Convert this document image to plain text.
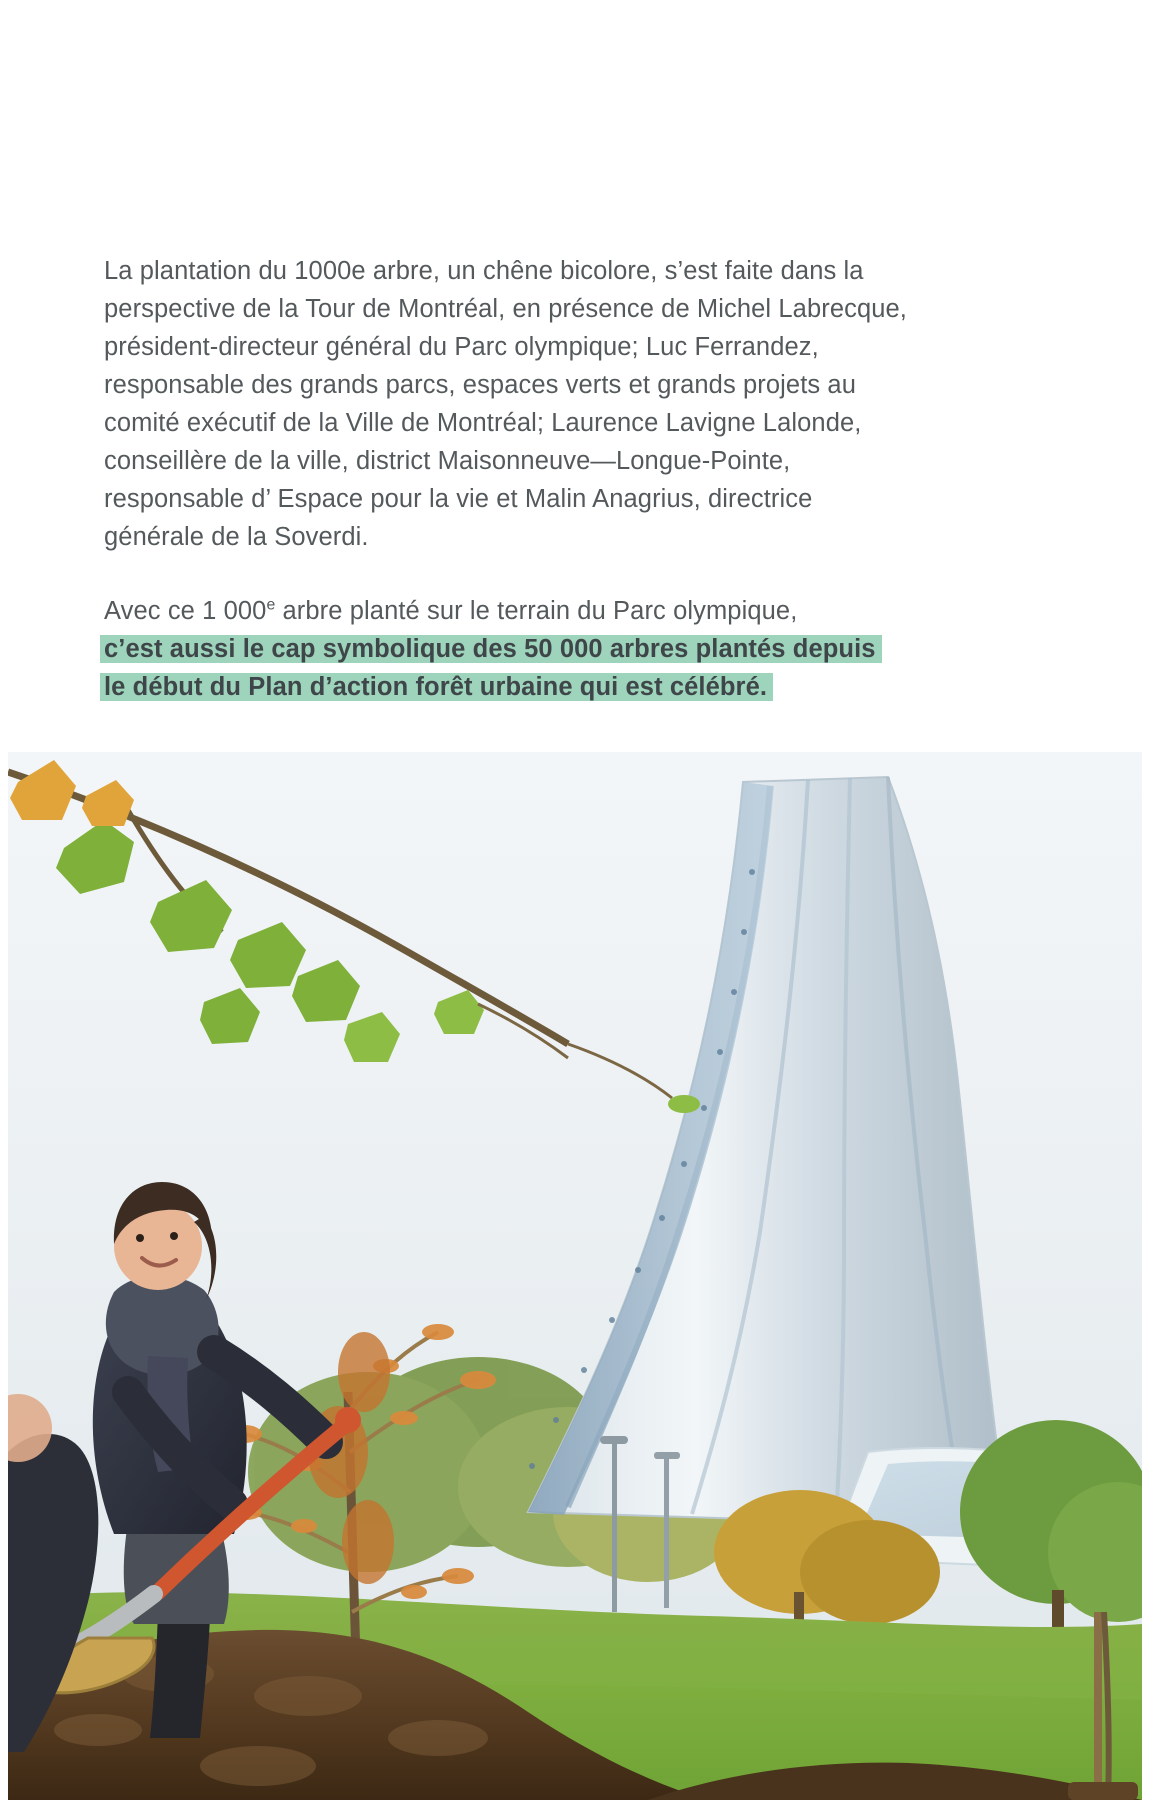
La plantation du 1000e arbre, un chêne bicolore, s’est faite dans la perspective de la Tour de Montréal, en présence de Michel Labrecque, président-directeur général du Parc olympique; Luc Ferrandez, responsable des grands parcs, espaces verts et grands projets au comité exécutif de la Ville de Montréal; Laurence Lavigne Lalonde, conseillère de la ville, district Maisonneuve—Longue-Pointe, responsable d’ Espace pour la vie et Malin Anagrius, directrice générale de la Soverdi.

Avec ce 1 000e arbre planté sur le terrain du Parc olympique,
c’est aussi le cap symbolique des 50 000 arbres plantés depuis
le début du Plan d’action forêt urbaine qui est célébré.
